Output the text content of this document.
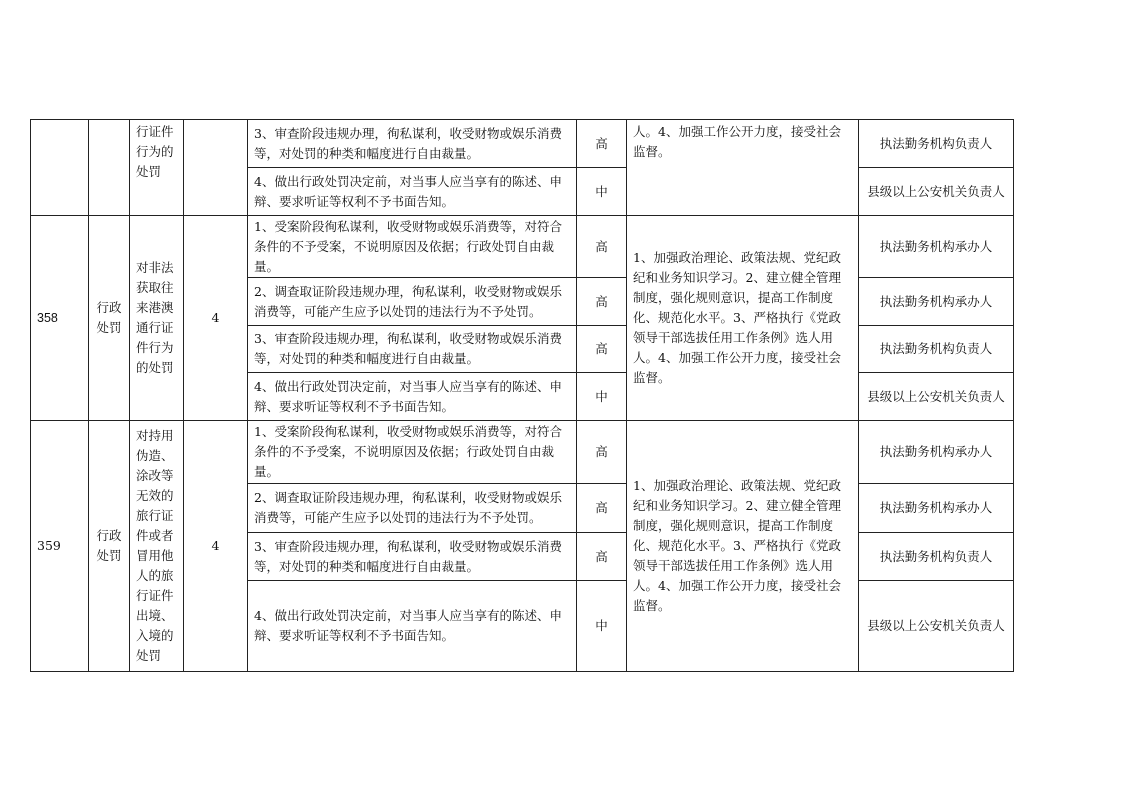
		行证件行为的处罚		3、审查阶段违规办理，徇私谋利，收受财物或娱乐消费等，对处罚的种类和幅度进行自由裁量。	高	人。4、加强工作公开力度，接受社会监督。	执法勤务机构负责人
				4、做出行政处罚决定前，对当事人应当享有的陈述、申辩、要求听证等权利不予书面告知。	中		县级以上公安机关负责人
358	行政处罚	对非法获取往来港澳通行证件行为的处罚	4	1、受案阶段徇私谋利，收受财物或娱乐消费等，对符合条件的不予受案，不说明原因及依据；行政处罚自由裁量。	高	1、加强政治理论、政策法规、党纪政纪和业务知识学习。2、建立健全管理制度，强化规则意识，提高工作制度化、规范化水平。3、严格执行《党政领导干部选拔任用工作条例》选人用人。4、加强工作公开力度，接受社会监督。	执法勤务机构承办人
				2、调查取证阶段违规办理，徇私谋利，收受财物或娱乐消费等，可能产生应予以处罚的违法行为不予处罚。	高		执法勤务机构承办人
				3、审查阶段违规办理，徇私谋利，收受财物或娱乐消费等，对处罚的种类和幅度进行自由裁量。	高		执法勤务机构负责人
				4、做出行政处罚决定前，对当事人应当享有的陈述、申辩、要求听证等权利不予书面告知。	中		县级以上公安机关负责人
359	行政处罚	对持用伪造、涂改等无效的旅行证件或者冒用他人的旅行证件出境、入境的处罚	4	1、受案阶段徇私谋利，收受财物或娱乐消费等，对符合条件的不予受案，不说明原因及依据；行政处罚自由裁量。	高	1、加强政治理论、政策法规、党纪政纪和业务知识学习。2、建立健全管理制度，强化规则意识，提高工作制度化、规范化水平。3、严格执行《党政领导干部选拔任用工作条例》选人用人。4、加强工作公开力度，接受社会监督。	执法勤务机构承办人
				2、调查取证阶段违规办理，徇私谋利，收受财物或娱乐消费等，可能产生应予以处罚的违法行为不予处罚。	高		执法勤务机构承办人
				3、审查阶段违规办理，徇私谋利，收受财物或娱乐消费等，对处罚的种类和幅度进行自由裁量。	高		执法勤务机构负责人
				4、做出行政处罚决定前，对当事人应当享有的陈述、申辩、要求听证等权利不予书面告知。	中		县级以上公安机关负责人
